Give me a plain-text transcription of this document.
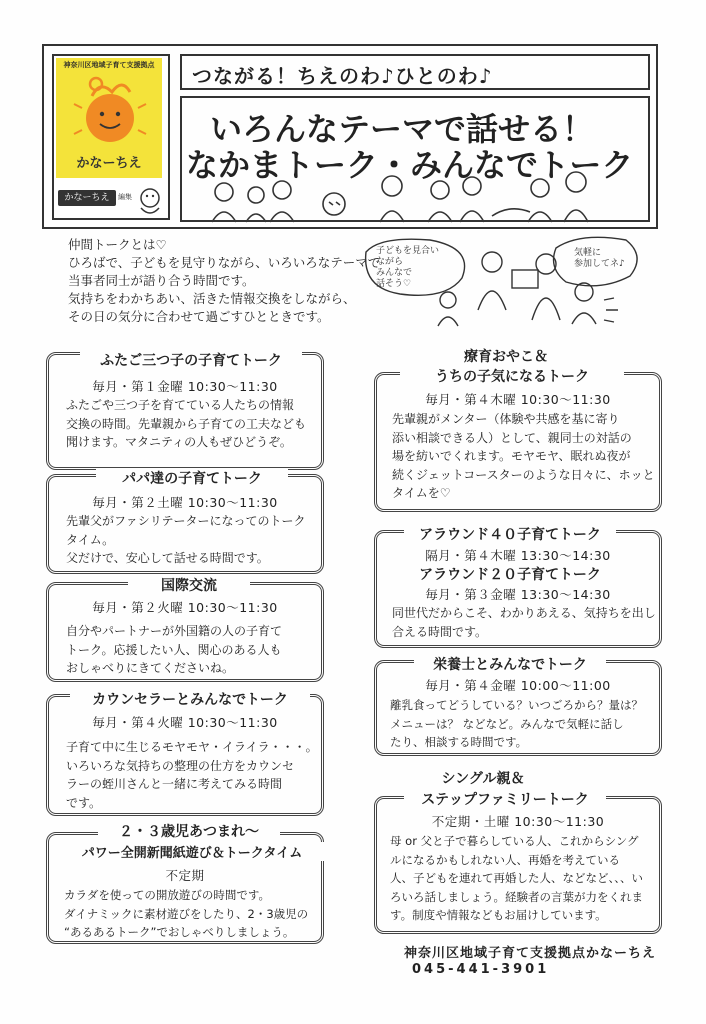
神奈川区地域子育て支援拠点
かなーちえ
かなーちえ	編集
つながる！ちえのわ♪ひとのわ♪
いろんなテーマで話せる！
なかまトーク・みんなでトーク
仲間トークとは♡
ひろばで、子どもを見守りながら、いろいろなテーマで
当事者同士が語り合う時間です。
気持ちをわかちあい、活きた情報交換をしながら、
その日の気分に合わせて過ごすひとときです。
子どもを見合い
ながら
みんなで
話そう♡
気軽に
参加してネ♪
ふたご三つ子の子育てトーク
毎月・第１金曜 10:30～11:30
ふたごや三つ子を育てている人たちの情報
交換の時間。先輩親から子育ての工夫なども
聞けます。マタニティの人もぜひどうぞ。
パパ達の子育てトーク
毎月・第２土曜 10:30～11:30
先輩父がファシリテーターになってのトーク
タイム。
父だけで、安心して話せる時間です。
国際交流
毎月・第２火曜 10:30～11:30
自分やパートナーが外国籍の人の子育て
トーク。応援したい人、関心のある人も
おしゃべりにきてくださいね。
カウンセラーとみんなでトーク
毎月・第４火曜 10:30～11:30
子育て中に生じるモヤモヤ・イライラ・・・。
いろいろな気持ちの整理の仕方をカウンセ
ラーの蛭川さんと一緒に考えてみる時間
です。
２・３歳児あつまれ～
パワー全開新聞紙遊び＆トークタイム
不定期
カラダを使っての開放遊びの時間です。
ダイナミックに素材遊びをしたり、2・3歳児の
“あるあるトーク”でおしゃべりしましょう。
療育おやこ＆
うちの子気になるトーク
毎月・第４木曜 10:30～11:30
先輩親がメンター（体験や共感を基に寄り
添い相談できる人）として、親同士の対話の
場を紡いでくれます。モヤモヤ、眠れぬ夜が
続くジェットコースターのような日々に、ホッと
タイムを♡
アラウンド４０子育てトーク
隔月・第４木曜 13:30～14:30
アラウンド２０子育てトーク
毎月・第３金曜 13:30～14:30
同世代だからこそ、わかりあえる、気持ちを出し
合える時間です。
栄養士とみんなでトーク
毎月・第４金曜 10:00～11:00
離乳食ってどうしている？いつごろから？量は？
メニューは？ などなど。みんなで気軽に話し
たり、相談する時間です。
シングル親＆
ステップファミリートーク
不定期・土曜 10:30～11:30
母 or 父と子で暮らしている人、これからシング
ルになるかもしれない人、再婚を考えている
人、子どもを連れて再婚した人、などなど、、、い
ろいろ話しましょう。経験者の言葉が力をくれま
す。制度や情報などもお届けしています。
神奈川区地域子育て支援拠点かなーちえ
045-441-3901
